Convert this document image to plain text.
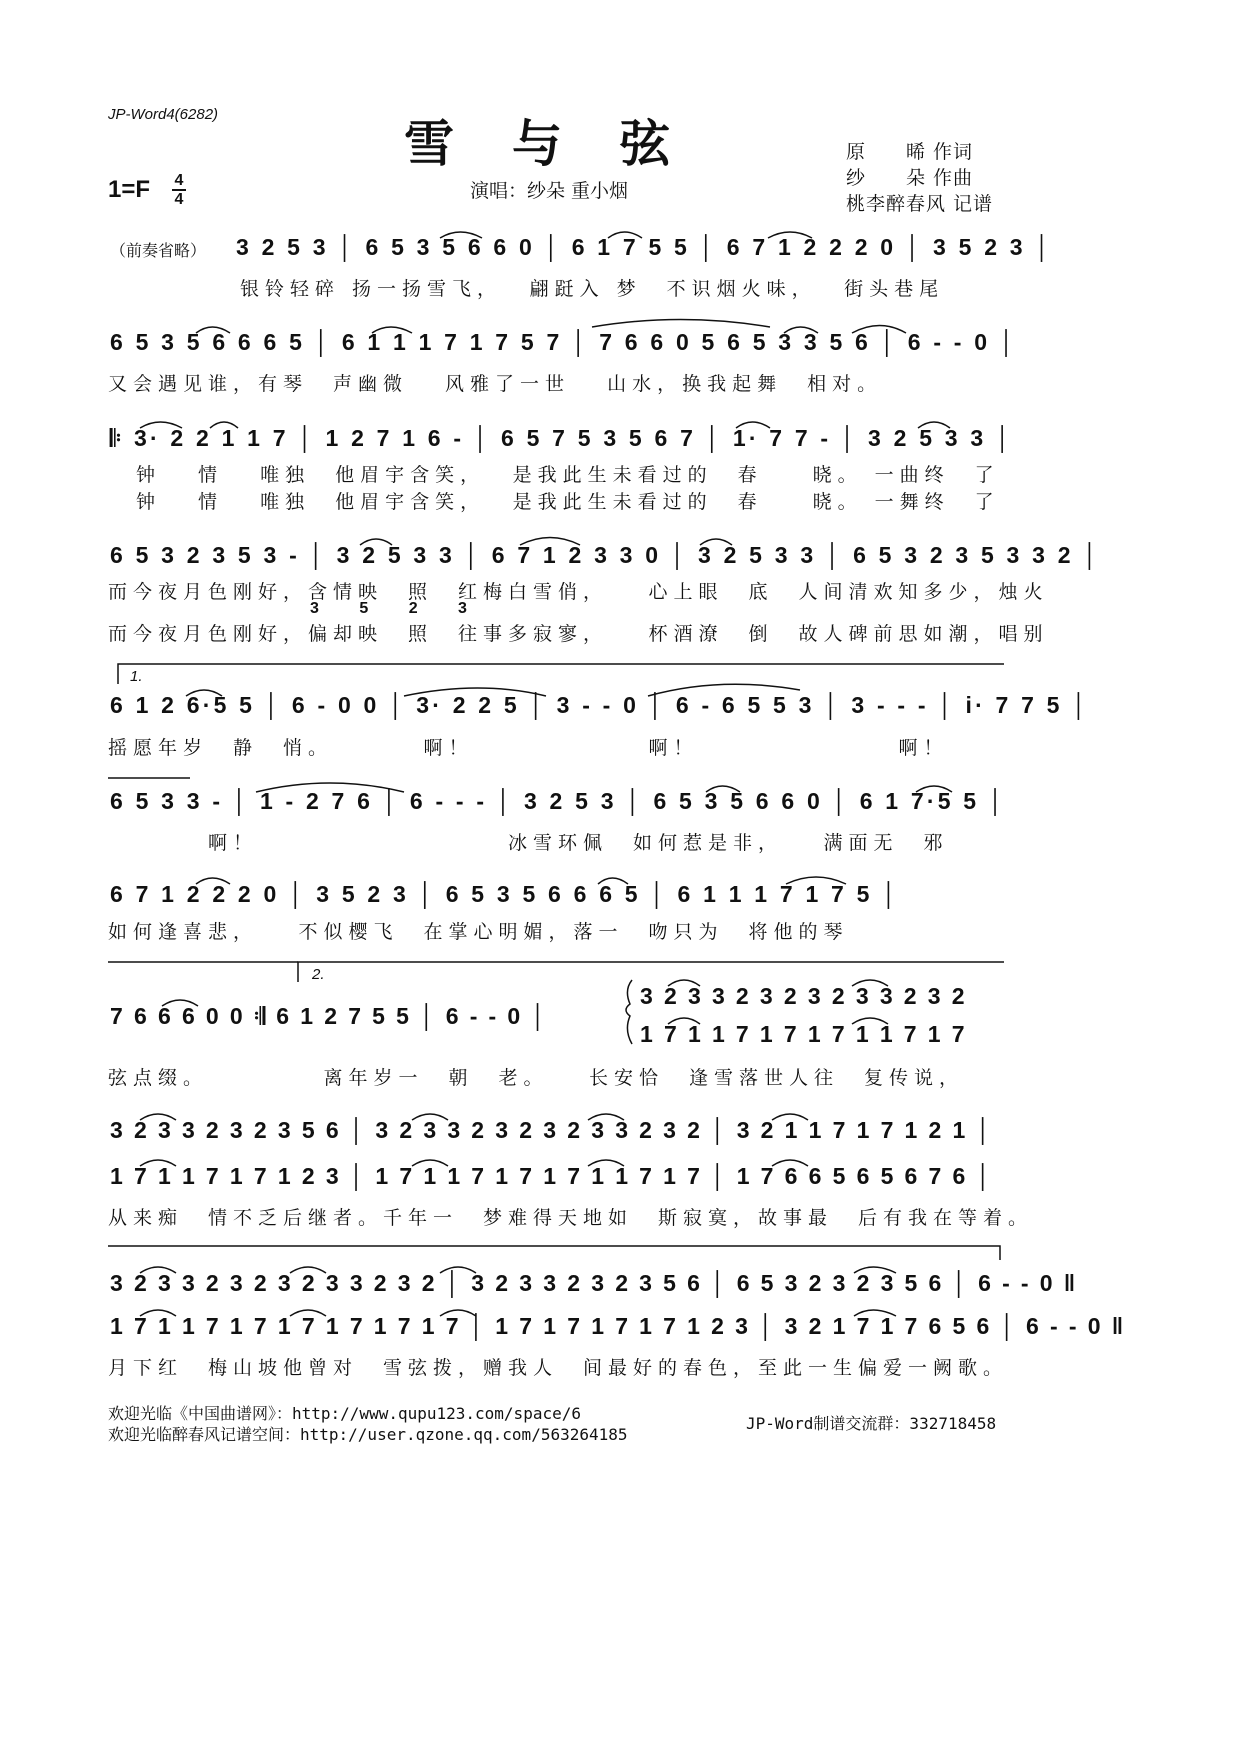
JP-Word4(6282)	雪与弦
1=F 4
4	演唱：纱朵 重小烟
原　　晞 作词
纱　　朵 作曲
桃李醉春风 记谱
（前奏省略） 3 2 5 3 │ 6 5 3 5 6 6 0 │ 6 1 7 5 5 │ 6 7 1 2 2 2 0 │ 3 5 2 3 │
银铃轻碎 扬一扬雪飞，　 翩跹入 梦　不识烟火味，　 街头巷尾
6 5 3 5 6 6 6 5 │ 6 1 1 1 7 1 7 5 7 │ 7 6 6 0 5 6 5 3 3 5 6 │ 6 - - 0 │
又会遇见谁，有琴　声幽微　 风雅了一世　 山水，换我起舞　相对。
𝄆 3· 2 2 1 1 7 │ 1 2 7 1 6 - │ 6 5 7 5 3 5 6 7 │ 1· 7 7 - │ 3 2 5 3 3 │
钟　 情　 唯独　他眉宇含笑，　 是我此生未看过的　春　　晓。 一曲终　了
钟　 情　 唯独　他眉宇含笑，　 是我此生未看过的　春　　晓。 一舞终　了
6 5 3 2 3 5 3 - │ 3 2 5 3 3 │ 6 7 1 2 3 3 0 │ 3 2 5 3 3 │ 6 5 3 2 3 5 3 3 2 │
而今夜月色刚好，含情映　照　红梅白雪俏，　　心上眼　底　人间清欢知多少，烛火
3 5 2 3
而今夜月色刚好，偏却映　照　往事多寂寥，　　杯酒潦　倒　故人碑前思如潮，唱别
1.
6 1 2 6·5 5 │ 6 - 0 0 │ 3· 2 2 5 │ 3 - - 0 │ 6 - 6 5 5 3 │ 3 - - - │ i· 7 7 5 │
摇愿年岁　静　悄。　　　　啊！　　　　　　　啊！　　　　　　　　啊！
6 5 3 3 - │ 1 - 2 7 6 │ 6 - - - │ 3 2 5 3 │ 6 5 3 5 6 6 0 │ 6 1 7·5 5 │
　　　　啊！　　　　　　　　　　冰雪环佩　如何惹是非，　　满面无　邪
6 7 1 2 2 2 0 │ 3 5 2 3 │ 6 5 3 5 6 6 6 5 │ 6 1 1 1 7 1 7 5 │
如何逢喜悲，　　不似樱飞　在掌心明媚，落一　吻只为　将他的琴
2.
7 6 6 6 0 0 𝄇 6 1 2 7 5 5 │ 6 - - 0 │
3 2 3 3 2 3 2 3 2 3 3 2 3 2
1 7 1 1 7 1 7 1 7 1 1 7 1 7
弦点缀。　　　　　离年岁一　朝　老。　　长安恰　逢雪落世人往　复传说，
3 2 3 3 2 3 2 3 5 6 │ 3 2 3 3 2 3 2 3 2 3 3 2 3 2 │ 3 2 1 1 7 1 7 1 2 1 │
1 7 1 1 7 1 7 1 2 3 │ 1 7 1 1 7 1 7 1 7 1 1 7 1 7 │ 1 7 6 6 5 6 5 6 7 6 │
从来痴　情不乏后继者。千年一　梦难得天地如　斯寂寞，故事最　后有我在等着。
3 2 3 3 2 3 2 3 2 3 3 2 3 2 │ 3 2 3 3 2 3 2 3 5 6 │ 6 5 3 2 3 2 3 5 6 │ 6 - - 0 ‖
1 7 1 1 7 1 7 1 7 1 7 1 7 1 7 │ 1 7 1 7 1 7 1 7 1 2 3 │ 3 2 1 7 1 7 6 5 6 │ 6 - - 0 ‖
月下红　梅山坡他曾对　雪弦拨，赠我人　间最好的春色，至此一生偏爱一阙歌。
欢迎光临《中国曲谱网》：http://www.qupu123.com/space/6
欢迎光临醉春风记谱空间：http://user.qzone.qq.com/563264185
JP-Word制谱交流群：332718458
